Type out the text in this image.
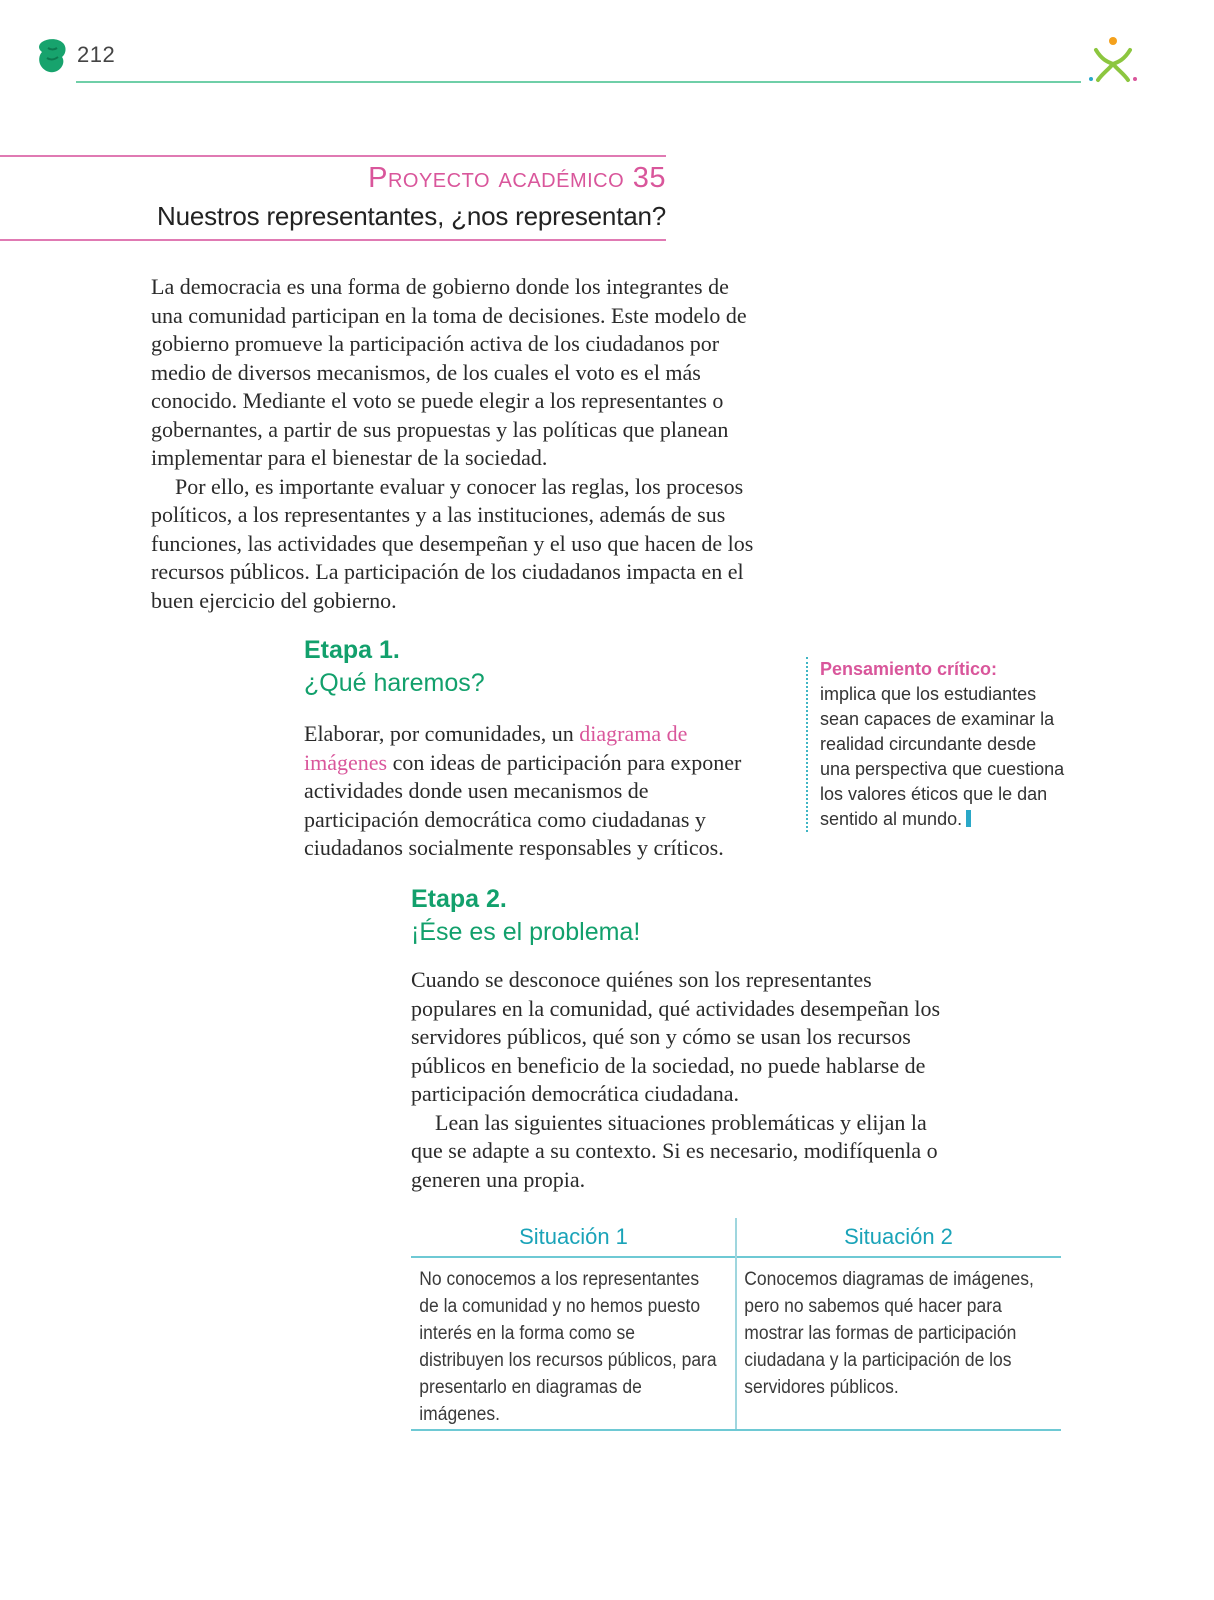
212
Proyecto académico 35
Nuestros representantes, ¿nos representan?

La democracia es una forma de gobierno donde los integrantes de una comunidad participan en la toma de decisiones. Este modelo de gobierno promueve la participación activa de los ciudadanos por medio de diversos mecanismos, de los cuales el voto es el más conocido. Mediante el voto se puede elegir a los representantes o gobernantes, a partir de sus propuestas y las políticas que planean implementar para el bienestar de la sociedad.

Por ello, es importante evaluar y conocer las reglas, los procesos políticos, a los representantes y a las instituciones, además de sus funciones, las actividades que desempeñan y el uso que hacen de los recursos públicos. La participación de los ciudadanos impacta en el buen ejercicio del gobierno.

Etapa 1.
¿Qué haremos?

Elaborar, por comunidades, un diagrama de imágenes con ideas de participación para exponer actividades donde usen mecanismos de participación democrática como ciudadanas y ciudadanos socialmente responsables y críticos.

Pensamiento crítico:
implica que los estudiantes sean capaces de examinar la realidad circundante desde una perspectiva que cuestiona los valores éticos que le dan sentido al mundo.
Etapa 2.
¡Ése es el problema!

Cuando se desconoce quiénes son los representantes populares en la comunidad, qué actividades desempeñan los servidores públicos, qué son y cómo se usan los recursos públicos en beneficio de la sociedad, no puede hablarse de participación democrática ciudadana.

Lean las siguientes situaciones problemáticas y elijan la que se adapte a su contexto. Si es necesario, modifíquenla o generen una propia.

Situación 1
No conocemos a los representantes de la comunidad y no hemos puesto interés en la forma como se distribuyen los recursos públicos, para presentarlo en diagramas de imágenes.
Situación 2
Conocemos diagramas de imágenes, pero no sabemos qué hacer para mostrar las formas de participación ciudadana y la participación de los servidores públicos.
